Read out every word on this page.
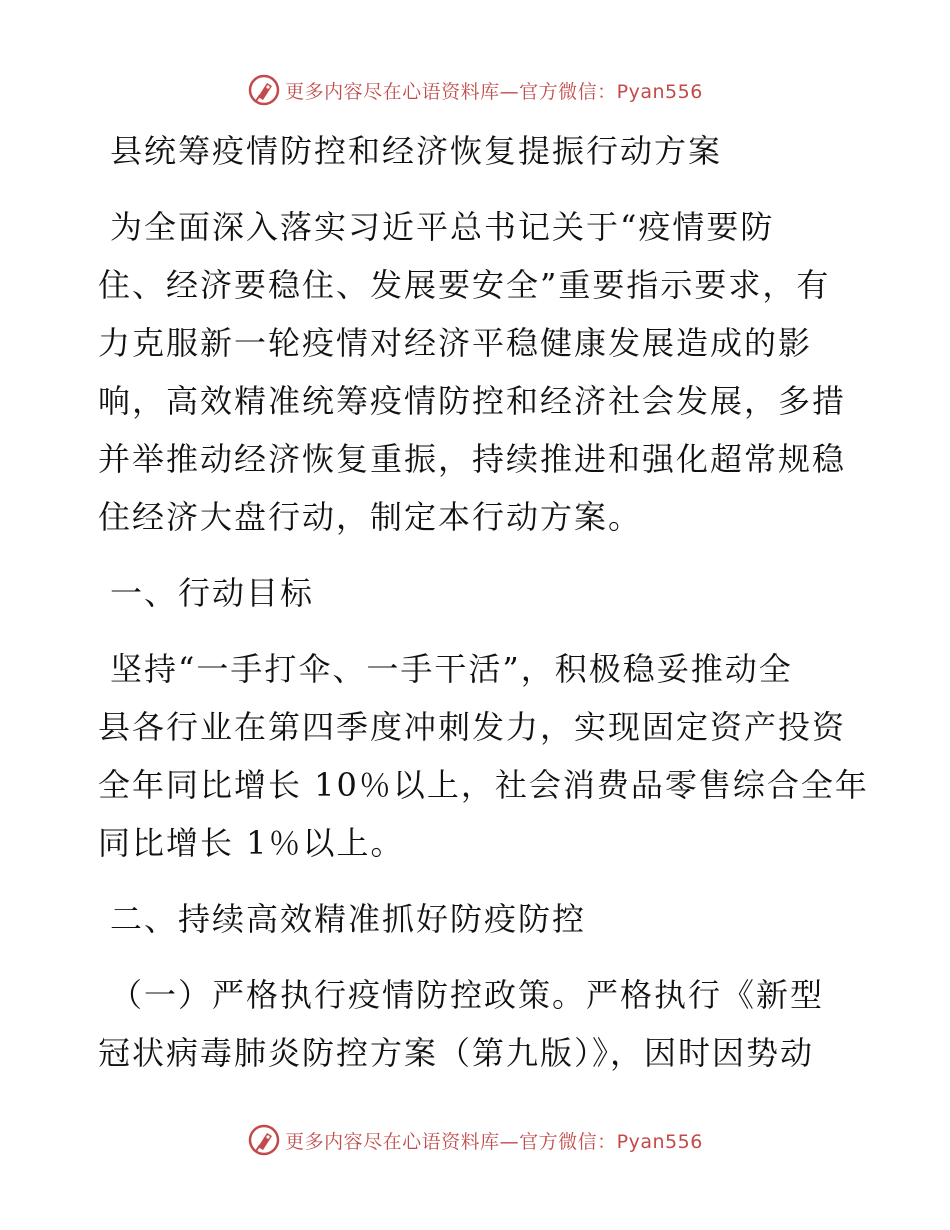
更多内容尽在心语资料库—官方微信：Pyan556
县统筹疫情防控和经济恢复提振行动方案
为全面深入落实习近平总书记关于“疫情要防
住、经济要稳住、发展要安全”重要指示要求，有
力克服新一轮疫情对经济平稳健康发展造成的影
响，高效精准统筹疫情防控和经济社会发展，多措
并举推动经济恢复重振，持续推进和强化超常规稳
住经济大盘行动，制定本行动方案。
一、行动目标
坚持“一手打伞、一手干活”，积极稳妥推动全
县各行业在第四季度冲刺发力，实现固定资产投资
全年同比增长 10％以上，社会消费品零售综合全年
同比增长 1％以上。
二、持续高效精准抓好防疫防控
（一）严格执行疫情防控政策。严格执行《新型
冠状病毒肺炎防控方案（第九版）》，因时因势动
更多内容尽在心语资料库—官方微信：Pyan556
